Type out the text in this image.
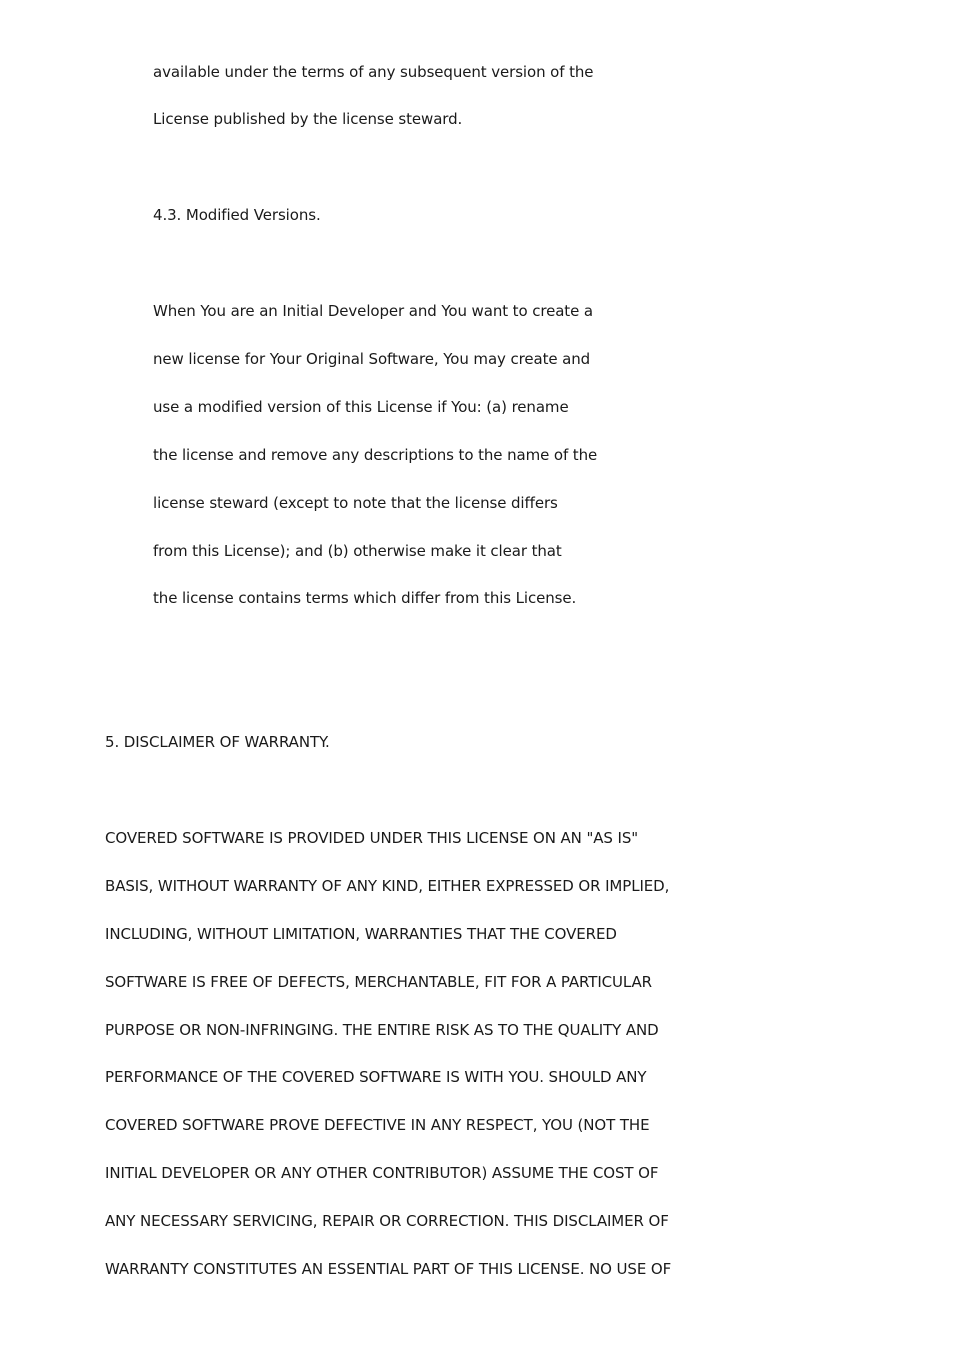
available under the terms of any subsequent version of the
License published by the license steward.
4.3. Modified Versions.
When You are an Initial Developer and You want to create a
new license for Your Original Software, You may create and
use a modified version of this License if You: (a) rename
the license and remove any descriptions to the name of the
license steward (except to note that the license differs
from this License); and (b) otherwise make it clear that
the license contains terms which differ from this License.
5. DISCLAIMER OF WARRANTY.
COVERED SOFTWARE IS PROVIDED UNDER THIS LICENSE ON AN "AS IS"
BASIS, WITHOUT WARRANTY OF ANY KIND, EITHER EXPRESSED OR IMPLIED,
INCLUDING, WITHOUT LIMITATION, WARRANTIES THAT THE COVERED
SOFTWARE IS FREE OF DEFECTS, MERCHANTABLE, FIT FOR A PARTICULAR
PURPOSE OR NON-INFRINGING. THE ENTIRE RISK AS TO THE QUALITY AND
PERFORMANCE OF THE COVERED SOFTWARE IS WITH YOU. SHOULD ANY
COVERED SOFTWARE PROVE DEFECTIVE IN ANY RESPECT, YOU (NOT THE
INITIAL DEVELOPER OR ANY OTHER CONTRIBUTOR) ASSUME THE COST OF
ANY NECESSARY SERVICING, REPAIR OR CORRECTION. THIS DISCLAIMER OF
WARRANTY CONSTITUTES AN ESSENTIAL PART OF THIS LICENSE. NO USE OF
